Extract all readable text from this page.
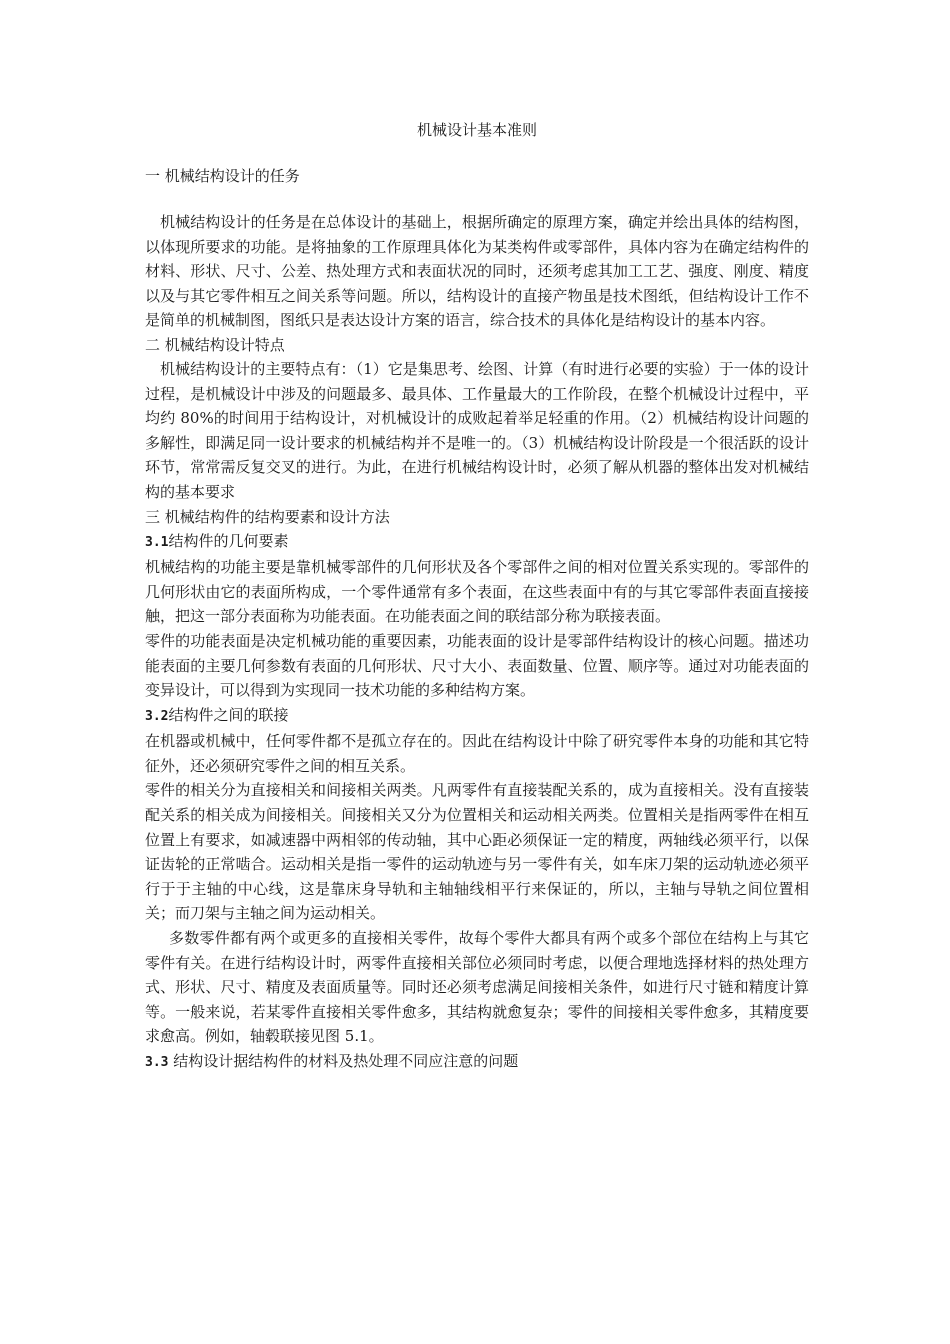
机械设计基本准则
一 机械结构设计的任务

机械结构设计的任务是在总体设计的基础上，根据所确定的原理方案，确定并绘出具体的结构图，以体现所要求的功能。是将抽象的工作原理具体化为某类构件或零部件，具体内容为在确定结构件的材料、形状、尺寸、公差、热处理方式和表面状况的同时，还须考虑其加工工艺、强度、刚度、精度以及与其它零件相互之间关系等问题。所以，结构设计的直接产物虽是技术图纸，但结构设计工作不是简单的机械制图，图纸只是表达设计方案的语言，综合技术的具体化是结构设计的基本内容。

二 机械结构设计特点

机械结构设计的主要特点有：（1）它是集思考、绘图、计算（有时进行必要的实验）于一体的设计过程，是机械设计中涉及的问题最多、最具体、工作量最大的工作阶段，在整个机械设计过程中，平均约 80%的时间用于结构设计，对机械设计的成败起着举足轻重的作用。（2）机械结构设计问题的多解性，即满足同一设计要求的机械结构并不是唯一的。（3）机械结构设计阶段是一个很活跃的设计环节，常常需反复交叉的进行。为此，在进行机械结构设计时，必须了解从机器的整体出发对机械结构的基本要求

三 机械结构件的结构要素和设计方法
3.1结构件的几何要素

机械结构的功能主要是靠机械零部件的几何形状及各个零部件之间的相对位置关系实现的。零部件的几何形状由它的表面所构成，一个零件通常有多个表面，在这些表面中有的与其它零部件表面直接接触，把这一部分表面称为功能表面。在功能表面之间的联结部分称为联接表面。

零件的功能表面是决定机械功能的重要因素，功能表面的设计是零部件结构设计的核心问题。描述功能表面的主要几何参数有表面的几何形状、尺寸大小、表面数量、位置、顺序等。通过对功能表面的变异设计，可以得到为实现同一技术功能的多种结构方案。

3.2结构件之间的联接

在机器或机械中，任何零件都不是孤立存在的。因此在结构设计中除了研究零件本身的功能和其它特征外，还必须研究零件之间的相互关系。

零件的相关分为直接相关和间接相关两类。凡两零件有直接装配关系的，成为直接相关。没有直接装配关系的相关成为间接相关。间接相关又分为位置相关和运动相关两类。位置相关是指两零件在相互位置上有要求，如减速器中两相邻的传动轴，其中心距必须保证一定的精度，两轴线必须平行，以保证齿轮的正常啮合。运动相关是指一零件的运动轨迹与另一零件有关，如车床刀架的运动轨迹必须平行于于主轴的中心线，这是靠床身导轨和主轴轴线相平行来保证的，所以，主轴与导轨之间位置相关；而刀架与主轴之间为运动相关。

多数零件都有两个或更多的直接相关零件，故每个零件大都具有两个或多个部位在结构上与其它零件有关。在进行结构设计时，两零件直接相关部位必须同时考虑，以便合理地选择材料的热处理方式、形状、尺寸、精度及表面质量等。同时还必须考虑满足间接相关条件，如进行尺寸链和精度计算等。一般来说，若某零件直接相关零件愈多，其结构就愈复杂；零件的间接相关零件愈多，其精度要求愈高。例如，轴毂联接见图 5.1。

3.3 结构设计据结构件的材料及热处理不同应注意的问题
